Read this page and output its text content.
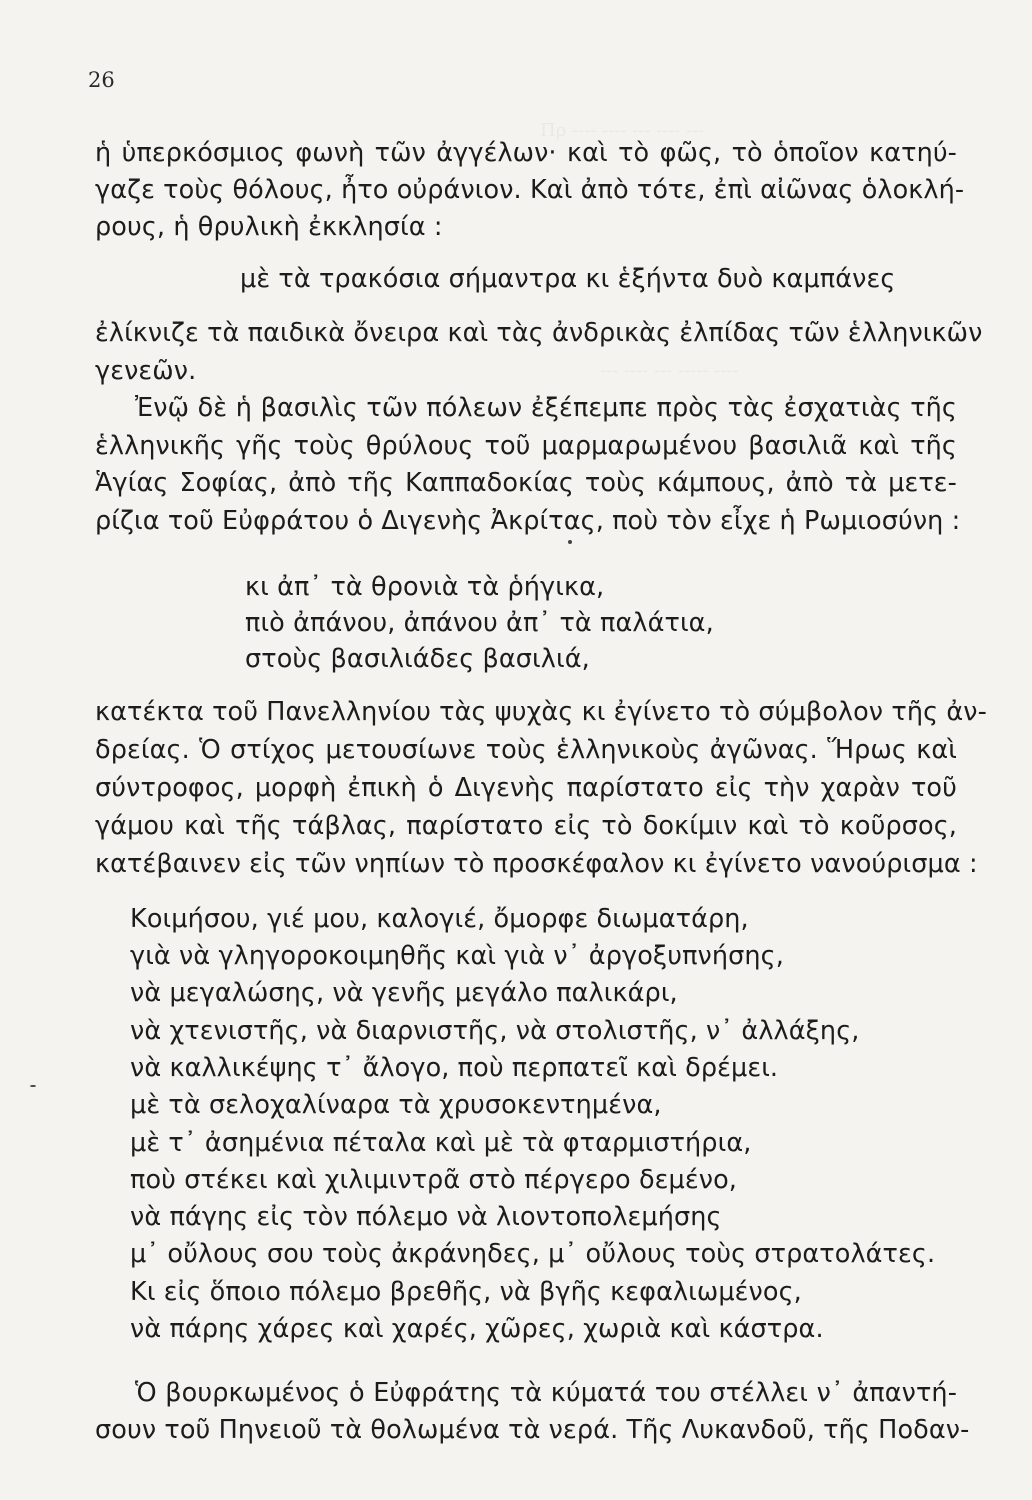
26
ἡ ὑπερκόσμιος φωνὴ τῶν ἀγγέλων· καὶ τὸ φῶς, τὸ ὁποῖον κατηύ-
γαζε τοὺς θόλους, ἦτο οὐράνιον. Καὶ ἀπὸ τότε, ἐπὶ αἰῶνας ὁλοκλή-
ρους, ἡ θρυλικὴ ἐκκλησία :
μὲ τὰ τρακόσια σήμαντρα κι ἑξήντα δυὸ καμπάνες
ἐλίκνιζε τὰ παιδικὰ ὄνειρα καὶ τὰς ἀνδρικὰς ἐλπίδας τῶν ἑλληνικῶν
γενεῶν.
Ἐνῷ δὲ ἡ βασιλὶς τῶν πόλεων ἐξέπεμπε πρὸς τὰς ἐσχατιὰς τῆς
ἑλληνικῆς γῆς τοὺς θρύλους τοῦ μαρμαρωμένου βασιλιᾶ καὶ τῆς
Ἁγίας Σοφίας, ἀπὸ τῆς Καππαδοκίας τοὺς κάμπους, ἀπὸ τὰ μετε-
ρίζια τοῦ Εὐφράτου ὁ Διγενὴς Ἀκρίτας, ποὺ τὸν εἶχε ἡ Ρωμιοσύνη :
κι ἀπ᾽ τὰ θρονιὰ τὰ ῥήγικα,
πιὸ ἀπάνου, ἀπάνου ἀπ᾽ τὰ παλάτια,
στοὺς βασιλιάδες βασιλιά,
κατέκτα τοῦ Πανελληνίου τὰς ψυχὰς κι ἐγίνετο τὸ σύμβολον τῆς ἀν-
δρείας. Ὁ στίχος μετουσίωνε τοὺς ἑλληνικοὺς ἀγῶνας. Ἥρως καὶ
σύντροφος, μορφὴ ἐπικὴ ὁ Διγενὴς παρίστατο εἰς τὴν χαρὰν τοῦ
γάμου καὶ τῆς τάβλας, παρίστατο εἰς τὸ δοκίμιν καὶ τὸ κοῦρσος,
κατέβαινεν εἰς τῶν νηπίων τὸ προσκέφαλον κι ἐγίνετο νανούρισμα :
Κοιμήσου, γιέ μου, καλογιέ, ὄμορφε διωματάρη,
γιὰ νὰ γληγοροκοιμηθῆς καὶ γιὰ ν᾽ ἀργοξυπνήσης,
νὰ μεγαλώσης, νὰ γενῆς μεγάλο παλικάρι,
νὰ χτενιστῆς, νὰ διαρνιστῆς, νὰ στολιστῆς, ν᾽ ἀλλάξης,
νὰ καλλικέψης τ᾽ ἄλογο, ποὺ περπατεῖ καὶ δρέμει.
μὲ τὰ σελοχαλίναρα τὰ χρυσοκεντημένα,
μὲ τ᾽ ἀσημένια πέταλα καὶ μὲ τὰ φταρμιστήρια,
ποὺ στέκει καὶ χιλιμιντρᾶ στὸ πέργερο δεμένο,
νὰ πάγης εἰς τὸν πόλεμο νὰ λιοντοπολεμήσης
μ᾽ οὔλους σου τοὺς ἀκράνηδες, μ᾽ οὔλους τοὺς στρατολάτες.
Κι εἰς ὅποιο πόλεμο βρεθῆς, νὰ βγῆς κεφαλιωμένος,
νὰ πάρης χάρες καὶ χαρές, χῶρες, χωριὰ καὶ κάστρα.
Ὁ βουρκωμένος ὁ Εὐφράτης τὰ κύματά του στέλλει ν᾽ ἀπαντή-
σουν τοῦ Πηνειοῦ τὰ θολωμένα τὰ νερά. Τῆς Λυκανδοῦ, τῆς Ποδαν-
